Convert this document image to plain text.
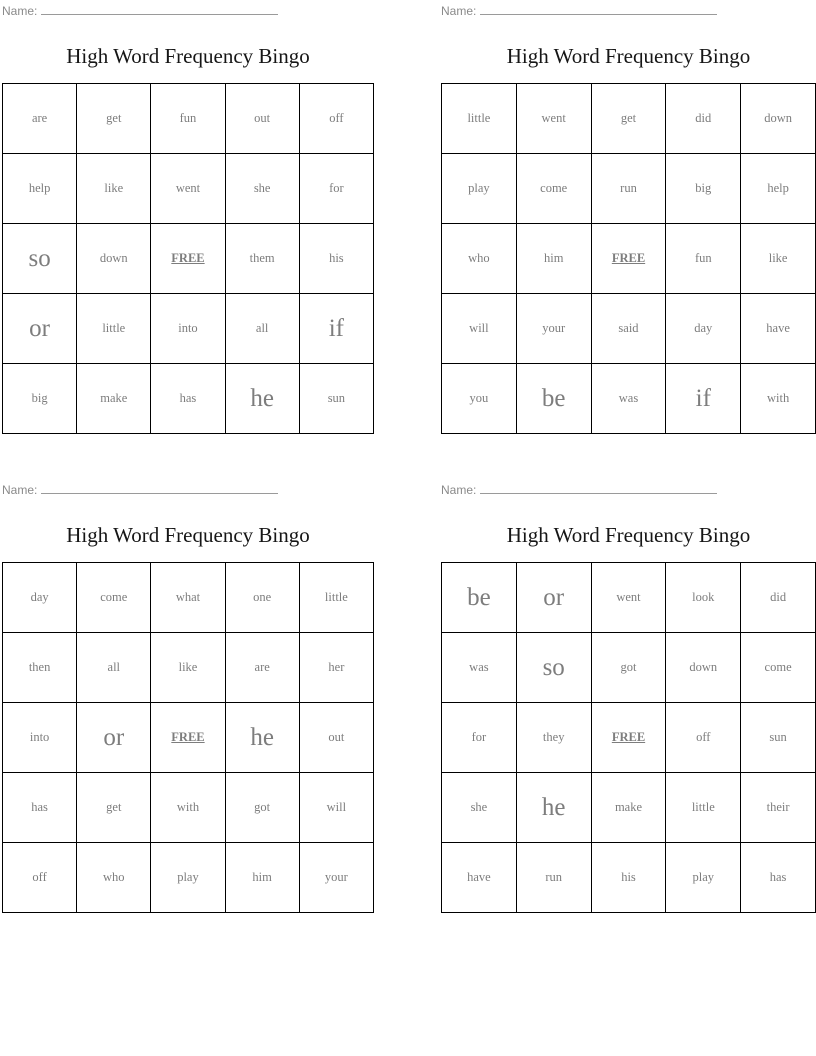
Name:
High Word Frequency Bingo
are	get	fun	out	off
help	like	went	she	for
so	down	FREE	them	his
or	little	into	all	if
big	make	has	he	sun
Name:
High Word Frequency Bingo
little	went	get	did	down
play	come	run	big	help
who	him	FREE	fun	like
will	your	said	day	have
you	be	was	if	with
Name:
High Word Frequency Bingo
day	come	what	one	little
then	all	like	are	her
into	or	FREE	he	out
has	get	with	got	will
off	who	play	him	your
Name:
High Word Frequency Bingo
be	or	went	look	did
was	so	got	down	come
for	they	FREE	off	sun
she	he	make	little	their
have	run	his	play	has
